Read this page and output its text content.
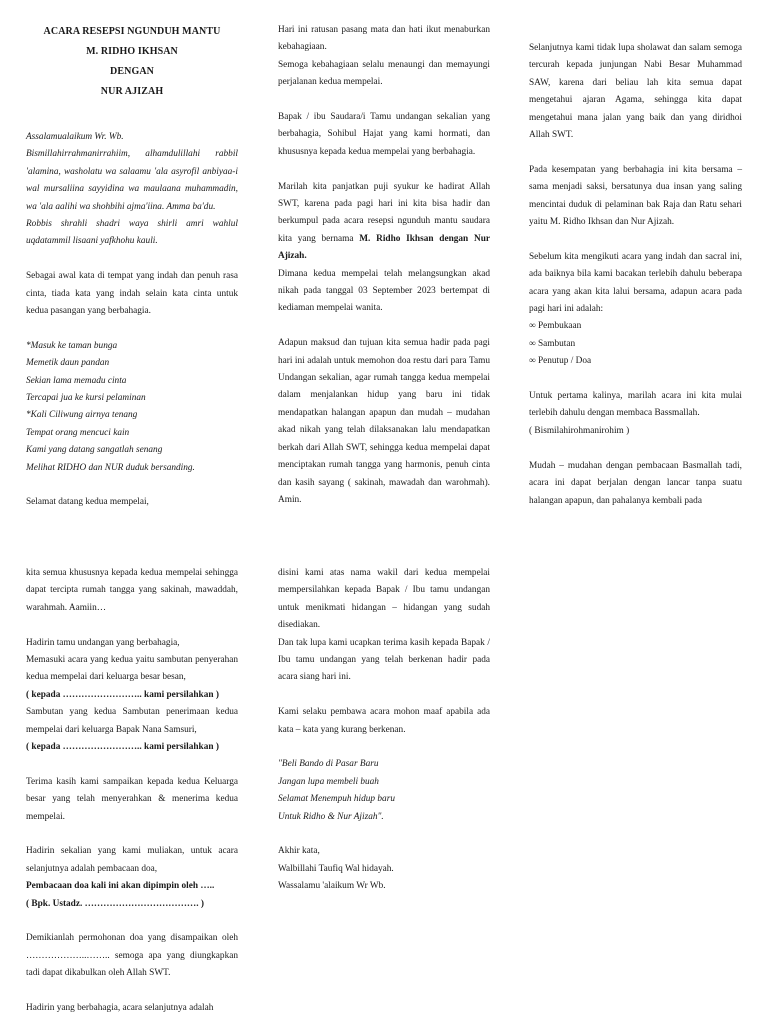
ACARA RESEPSI NGUNDUH MANTU
M. RIDHO IKHSAN
DENGAN
NUR AJIZAH

Assalamualaikum Wr. Wb.

Bismillahirrahmanirrahiim, alhamdulillahi rabbil 'alamina, washolatu wa salaamu 'ala asyrofil anbiyaa-i wal mursaliina sayyidina wa maulaana muhammadin, wa 'ala aalihi wa shohbihi ajma'iina. Amma ba'du.

Robbis shrahli shadri waya shirli amri wahlul uqdatammil lisaani yafkhohu kauli.

Sebagai awal kata di tempat yang indah dan penuh rasa cinta, tiada kata yang indah selain kata cinta untuk kedua pasangan yang berbahagia.

*Masuk ke taman bunga

Memetik daun pandan

Sekian lama memadu cinta

Tercapai jua ke kursi pelaminan

*Kali Ciliwung airnya tenang

Tempat orang mencuci kain

Kami yang datang sangatlah senang

Melihat RIDHO dan NUR duduk bersanding.

Selamat datang kedua mempelai,

Hari ini ratusan pasang mata dan hati ikut menaburkan kebahagiaan.

Semoga kebahagiaan selalu menaungi dan memayungi perjalanan kedua mempelai.

Bapak / ibu Saudara/i Tamu undangan sekalian yang berbahagia, Sohibul Hajat yang kami hormati, dan khususnya kepada kedua mempelai yang berbahagia.

Marilah kita panjatkan puji syukur ke hadirat Allah SWT, karena pada pagi hari ini kita bisa hadir dan berkumpul pada acara resepsi ngunduh mantu saudara kita yang bernama M. Ridho Ikhsan dengan Nur Ajizah.

Dimana kedua mempelai telah melangsungkan akad nikah pada tanggal 03 September 2023 bertempat di kediaman mempelai wanita.

Adapun maksud dan tujuan kita semua hadir pada pagi hari ini adalah untuk memohon doa restu dari para Tamu Undangan sekalian, agar rumah tangga kedua mempelai dalam menjalankan hidup yang baru ini tidak mendapatkan halangan apapun dan mudah – mudahan akad nikah yang telah dilaksanakan lalu mendapatkan berkah dari Allah SWT, sehingga kedua mempelai dapat menciptakan rumah tangga yang harmonis, penuh cinta dan kasih sayang ( sakinah, mawadah dan warohmah). Amin.

Selanjutnya kami tidak lupa sholawat dan salam semoga tercurah kepada junjungan Nabi Besar Muhammad SAW, karena dari beliau lah kita semua dapat mengetahui ajaran Agama, sehingga kita dapat mengetahui mana jalan yang baik dan yang diridhoi Allah SWT.

Pada kesempatan yang berbahagia ini kita bersama – sama menjadi saksi, bersatunya dua insan yang saling mencintai duduk di pelaminan bak Raja dan Ratu sehari yaitu M. Ridho Ikhsan dan Nur Ajizah.

Sebelum kita mengikuti acara yang indah dan sacral ini, ada baiknya bila kami bacakan terlebih dahulu beberapa acara yang akan kita lalui bersama, adapun acara pada pagi hari ini adalah:

∞ Pembukaan

∞ Sambutan

∞ Penutup / Doa

Untuk pertama kalinya, marilah acara ini kita mulai terlebih dahulu dengan membaca Bassmallah.

( Bismilahirohmanirohim )

Mudah – mudahan dengan pembacaan Basmallah tadi, acara ini dapat berjalan dengan lancar tanpa suatu halangan apapun, dan pahalanya kembali pada

kita semua khususnya kepada kedua mempelai sehingga dapat tercipta rumah tangga yang sakinah, mawaddah, warahmah. Aamiin…

Hadirin tamu undangan yang berbahagia,

Memasuki acara yang kedua yaitu sambutan penyerahan kedua mempelai dari keluarga besar besan,

( kepada …………………….. kami persilahkan )

Sambutan yang kedua Sambutan penerimaan kedua mempelai dari keluarga Bapak Nana Samsuri,

( kepada …………………….. kami persilahkan )

Terima kasih kami sampaikan kepada kedua Keluarga besar yang telah menyerahkan & menerima kedua mempelai.

Hadirin sekalian yang kami muliakan, untuk acara selanjutnya adalah pembacaan doa,

Pembacaan doa kali ini akan dipimpin oleh …..

( Bpk. Ustadz. ………………………………. )

Demikianlah permohonan doa yang disampaikan oleh ………………..…….. semoga apa yang diungkapkan tadi dapat dikabulkan oleh Allah SWT.

Hadirin yang berbahagia, acara selanjutnya adalah

disini kami atas nama wakil dari kedua mempelai mempersilahkan kepada Bapak / Ibu tamu undangan untuk menikmati hidangan – hidangan yang sudah disediakan.

Dan tak lupa kami ucapkan terima kasih kepada Bapak / Ibu tamu undangan yang telah berkenan hadir pada acara siang hari ini.

Kami selaku pembawa acara mohon maaf apabila ada kata – kata yang kurang berkenan.

"Beli Bando di Pasar Baru

Jangan lupa membeli buah

Selamat Menempuh hidup baru

Untuk Ridho & Nur Ajizah".

Akhir kata,

Walbillahi Taufiq Wal hidayah.

Wassalamu 'alaikum Wr Wb.
